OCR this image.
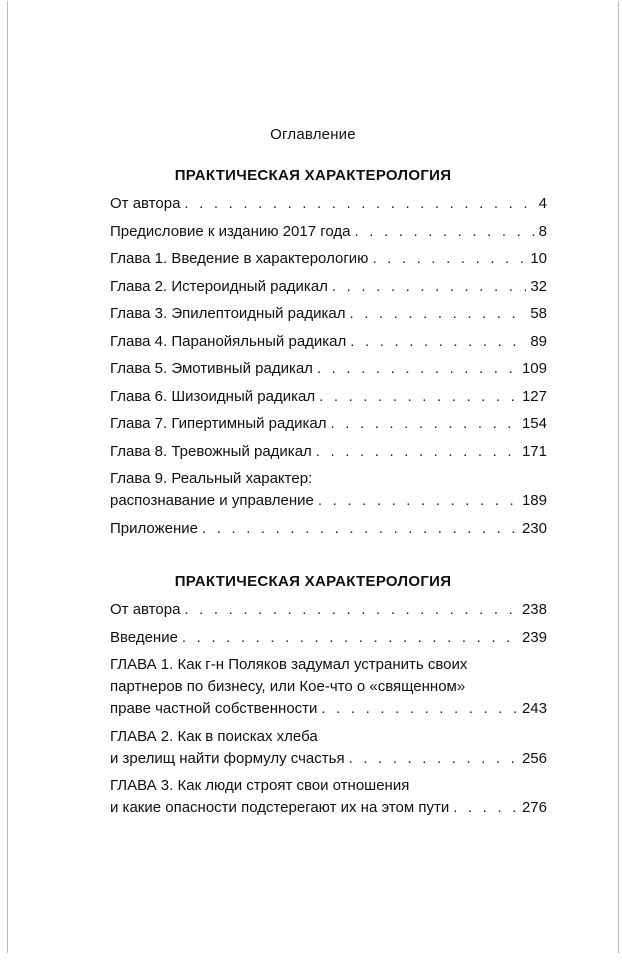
Оглавление
ПРАКТИЧЕСКАЯ ХАРАКТЕРОЛОГИЯ
От автора . . .	4
Предисловие к изданию 2017 года . . .	8
Глава 1. Введение в характерологию . . .	10
Глава 2. Истероидный радикал . . .	32
Глава 3. Эпилептоидный радикал . . .	58
Глава 4. Паранойяльный радикал . . .	89
Глава 5. Эмотивный радикал . . .	109
Глава 6. Шизоидный радикал . . .	127
Глава 7. Гипертимный радикал . . .	154
Глава 8. Тревожный радикал . . .	171
Глава 9. Реальный характер:
распознавание и управление . . .	189
Приложение . . .	230
ПРАКТИЧЕСКАЯ ХАРАКТЕРОЛОГИЯ
От автора . . .	238
Введение . . .	239
ГЛАВА 1. Как г-н Поляков задумал устранить своих
партнеров по бизнесу, или Кое-что о «священном»
праве частной собственности . . .	243
ГЛАВА 2. Как в поисках хлеба
и зрелищ найти формулу счастья . . .	256
ГЛАВА 3. Как люди строят свои отношения
и какие опасности подстерегают их на этом пути . . .	276
